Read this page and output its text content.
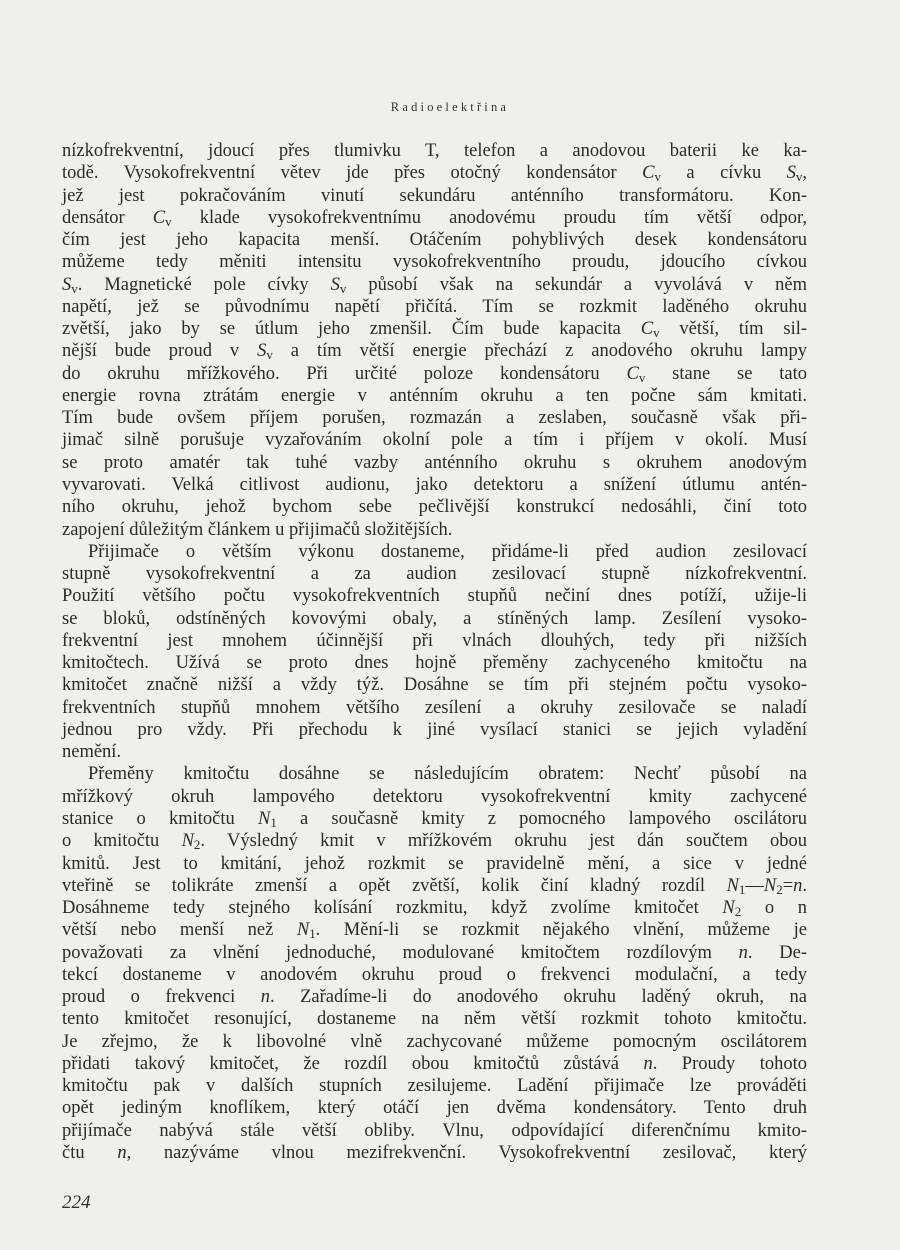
Radioelektřina
nízkofrekventní, jdoucí přes tlumivku T, telefon a anodovou baterii ke ka-
todě. Vysokofrekventní větev jde přes otočný kondensátor $C_v$ a cívku $S_v$,
jež jest pokračováním vinutí sekundáru anténního transformátoru. Kon-
densátor $C_v$ klade vysokofrekventnímu anodovému proudu tím větší odpor,
čím jest jeho kapacita menší. Otáčením pohyblivých desek kondensátoru
můžeme tedy měniti intensitu vysokofrekventního proudu, jdoucího cívkou
$S_v$. Magnetické pole cívky $S_v$ působí však na sekundár a vyvolává v něm
napětí, jež se původnímu napětí přičítá. Tím se rozkmit laděného okruhu
zvětší, jako by se útlum jeho zmenšil. Čím bude kapacita $C_v$ větší, tím sil-
nější bude proud v $S_v$ a tím větší energie přechází z anodového okruhu lampy
do okruhu mřížkového. Při určité poloze kondensátoru $C_v$ stane se tato
energie rovna ztrátám energie v anténním okruhu a ten počne sám kmitati.
Tím bude ovšem příjem porušen, rozmazán a zeslaben, současně však při-
jimač silně porušuje vyzařováním okolní pole a tím i příjem v okolí. Musí
se proto amatér tak tuhé vazby anténního okruhu s okruhem anodovým
vyvarovati. Velká citlivost audionu, jako detektoru a snížení útlumu antén-
ního okruhu, jehož bychom sebe pečlivější konstrukcí nedosáhli, činí toto
zapojení důležitým článkem u přijimačů složitějších.
Přijimače o větším výkonu dostaneme, přidáme-li před audion zesilovací
stupně vysokofrekventní a za audion zesilovací stupně nízkofrekventní.
Použití většího počtu vysokofrekventních stupňů nečiní dnes potíží, užije-li
se bloků, odstíněných kovovými obaly, a stíněných lamp. Zesílení vysoko-
frekventní jest mnohem účinnější při vlnách dlouhých, tedy při nižších
kmitočtech. Užívá se proto dnes hojně přeměny zachyceného kmitočtu na
kmitočet značně nižší a vždy týž. Dosáhne se tím při stejném počtu vysoko-
frekventních stupňů mnohem většího zesílení a okruhy zesilovače se naladí
jednou pro vždy. Při přechodu k jiné vysílací stanici se jejich vyladění
nemění.
Přeměny kmitočtu dosáhne se následujícím obratem: Nechť působí na
mřížkový okruh lampového detektoru vysokofrekventní kmity zachycené
stanice o kmitočtu $N_1$ a současně kmity z pomocného lampového oscilátoru
o kmitočtu $N_2$. Výsledný kmit v mřížkovém okruhu jest dán součtem obou
kmitů. Jest to kmitání, jehož rozkmit se pravidelně mění, a sice v jedné
vteřině se tolikráte zmenší a opět zvětší, kolik činí kladný rozdíl $N_1—N_2=n$.
Dosáhneme tedy stejného kolísání rozkmitu, když zvolíme kmitočet $N_2$ o n
větší nebo menší než $N_1$. Mění-li se rozkmit nějakého vlnění, můžeme je
považovati za vlnění jednoduché, modulované kmitočtem rozdílovým n. De-
tekcí dostaneme v anodovém okruhu proud o frekvenci modulační, a tedy
proud o frekvenci n. Zařadíme-li do anodového okruhu laděný okruh, na
tento kmitočet resonující, dostaneme na něm větší rozkmit tohoto kmitočtu.
Je zřejmo, že k libovolné vlně zachycované můžeme pomocným oscilátorem
přidati takový kmitočet, že rozdíl obou kmitočtů zůstává n. Proudy tohoto
kmitočtu pak v dalších stupních zesilujeme. Ladění přijimače lze prováděti
opět jediným knoflíkem, který otáčí jen dvěma kondensátory. Tento druh
přijímače nabývá stále větší obliby. Vlnu, odpovídající diferenčnímu kmito-
čtu n, nazýváme vlnou mezifrekvenční. Vysokofrekventní zesilovač, který
224
